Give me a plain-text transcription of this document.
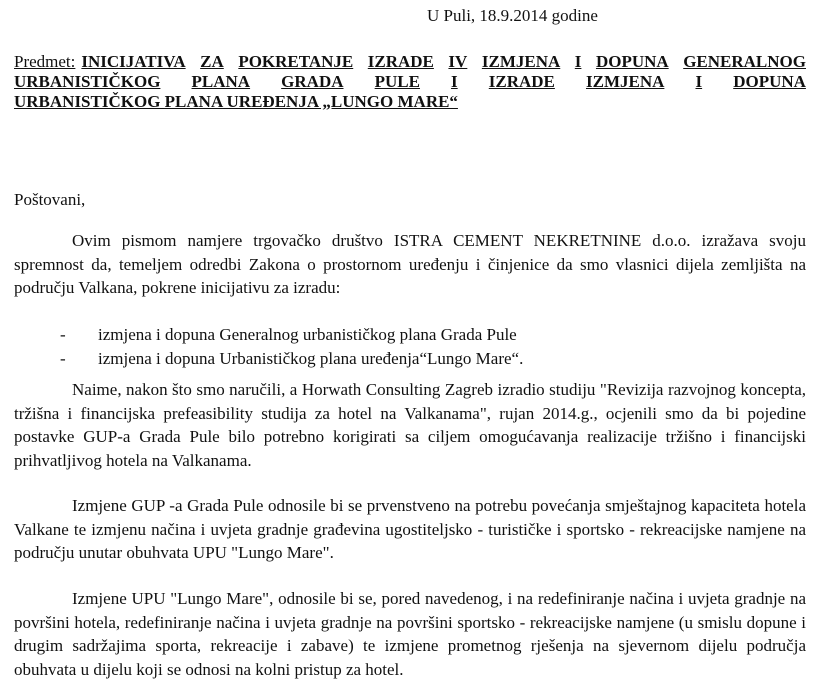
U Puli, 18.9.2014 godine
Predmet: INICIJATIVA ZA POKRETANJE IZRADE IV IZMJENA I DOPUNA GENERALNOG
URBANISTIČKOG PLANA GRADA PULE I IZRADE IZMJENA I DOPUNA
URBANISTIČKOG PLANA UREĐENJA „LUNGO MARE“
Poštovani,

Ovim pismom namjere trgovačko društvo ISTRA CEMENT NEKRETNINE d.o.o. izražava svoju spremnost da, temeljem odredbi Zakona o prostornom uređenju i činjenice da smo vlasnici dijela zemljišta na području Valkana, pokrene inicijativu za izradu:

-	izmjena i dopuna Generalnog urbanističkog plana Grada Pule
-	izmjena i dopuna Urbanističkog plana uređenja“Lungo Mare“.

Naime, nakon što smo naručili, a Horwath Consulting Zagreb izradio studiju "Revizija razvojnog koncepta, tržišna i financijska prefeasibility studija za hotel na Valkanama", rujan 2014.g., ocjenili smo da bi pojedine postavke GUP-a Grada Pule bilo potrebno korigirati sa ciljem omogućavanja realizacije tržišno i financijski prihvatljivog hotela na Valkanama.

Izmjene GUP -a Grada Pule odnosile bi se prvenstveno na potrebu povećanja smještajnog kapaciteta hotela Valkane te izmjenu načina i uvjeta gradnje građevina ugostiteljsko - turističke i sportsko - rekreacijske namjene na području unutar obuhvata UPU "Lungo Mare".

Izmjene UPU "Lungo Mare", odnosile bi se, pored navedenog, i na redefiniranje načina i uvjeta gradnje na površini hotela, redefiniranje načina i uvjeta gradnje na površini sportsko - rekreacijske namjene (u smislu dopune i drugim sadržajima sporta, rekreacije i zabave) te izmjene prometnog rješenja na sjevernom dijelu područja obuhvata u dijelu koji se odnosi na kolni pristup za hotel.
